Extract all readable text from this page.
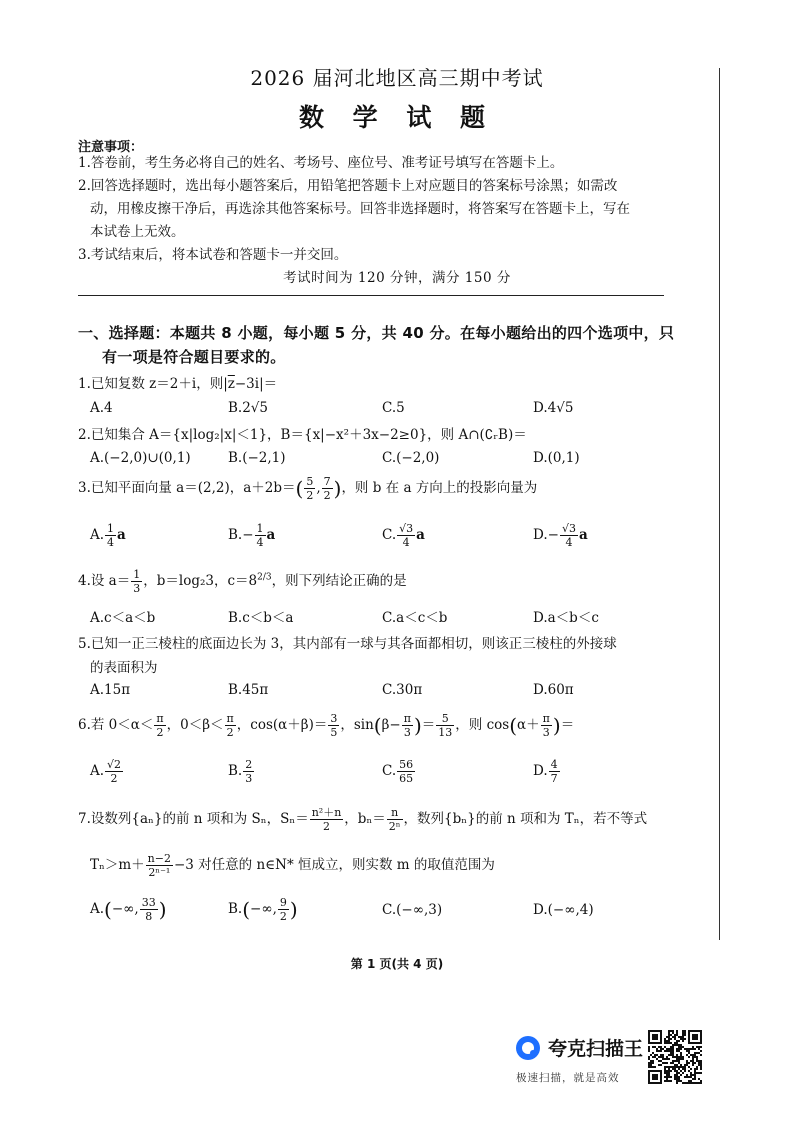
2026 届河北地区高三期中考试
数 学 试 题
注意事项：
1.答卷前，考生务必将自己的姓名、考场号、座位号、准考证号填写在答题卡上。
2.回答选择题时，选出每小题答案后，用铅笔把答题卡上对应题目的答案标号涂黑；如需改
动，用橡皮擦干净后，再选涂其他答案标号。回答非选择题时，将答案写在答题卡上，写在
本试卷上无效。
3.考试结束后，将本试卷和答题卡一并交回。
考试时间为 120 分钟，满分 150 分
一、选择题：本题共 8 小题，每小题 5 分，共 40 分。在每小题给出的四个选项中，只
有一项是符合题目要求的。
1.已知复数 z＝2＋i，则$|\overline{z}-3i|=$
A.4	B.2√5	C.5	D.4√5
2.已知集合 A＝{x|log₂|x|＜1}，B＝{x|−x²＋3x−2≥0}，则 A∩(∁ᵣB)＝
A.(−2,0)∪(0,1)	B.(−2,1)	C.(−2,0)	D.(0,1)
3.已知平面向量 a＝(2,2)，$a+2b=( \frac{5}{2}$ , $\frac{7}{2}$ )，则 b 在 a 方向上的投影向量为
A. $\frac{1}{4}$ a	$B.- \frac{1}{4}$ a	C. $\frac{√3}{4}$ a	$D.- \frac{√3}{4}$ a
4.设 $a= \frac{1}{3}$ ，b＝log₂3，$c=8^{2/3}$，则下列结论正确的是
A.c＜a＜b	B.c＜b＜a	C.a＜c＜b	D.a＜b＜c
5.已知一正三棱柱的底面边长为 3，其内部有一球与其各面都相切，则该正三棱柱的外接球
的表面积为
A.15π	B.45π	C.30π	D.60π
6.若 $0<\alpha< \frac{\pi}{2}$ ，$0<\beta< \frac{\pi}{2}$ ，$\cos(\alpha+\beta)= \frac{3}{5}$ ，$\sin(\beta- \frac{\pi}{3}$ )＝ $\frac{5}{13}$ ，则 $\cos(\alpha+ \frac{\pi}{3}$ )＝
A. $\frac{√2}{2}$	B. $\frac{2}{3}$	C. $\frac{56}{65}$	D. $\frac{4}{7}$
7.设数列{aₙ}的前 n 项和为 Sₙ，$S_n= \frac{\text{n²＋n}}{2}$ ，$b_n= \frac{n}{\text{2ⁿ}}$ ，数列{bₙ}的前 n 项和为 Tₙ，若不等式
$T_n>m+ \frac{n-2}{\text{2ⁿ⁻¹}} -3$ 对任意的 n∈N* 恒成立，则实数 m 的取值范围为
A.(−∞, $\frac{33}{8}$ )	B.(−∞, $\frac{9}{2}$ )	C.(−∞,3)	D.(−∞,4)
第 1 页(共 4 页)
夸克扫描王
极速扫描，就是高效
